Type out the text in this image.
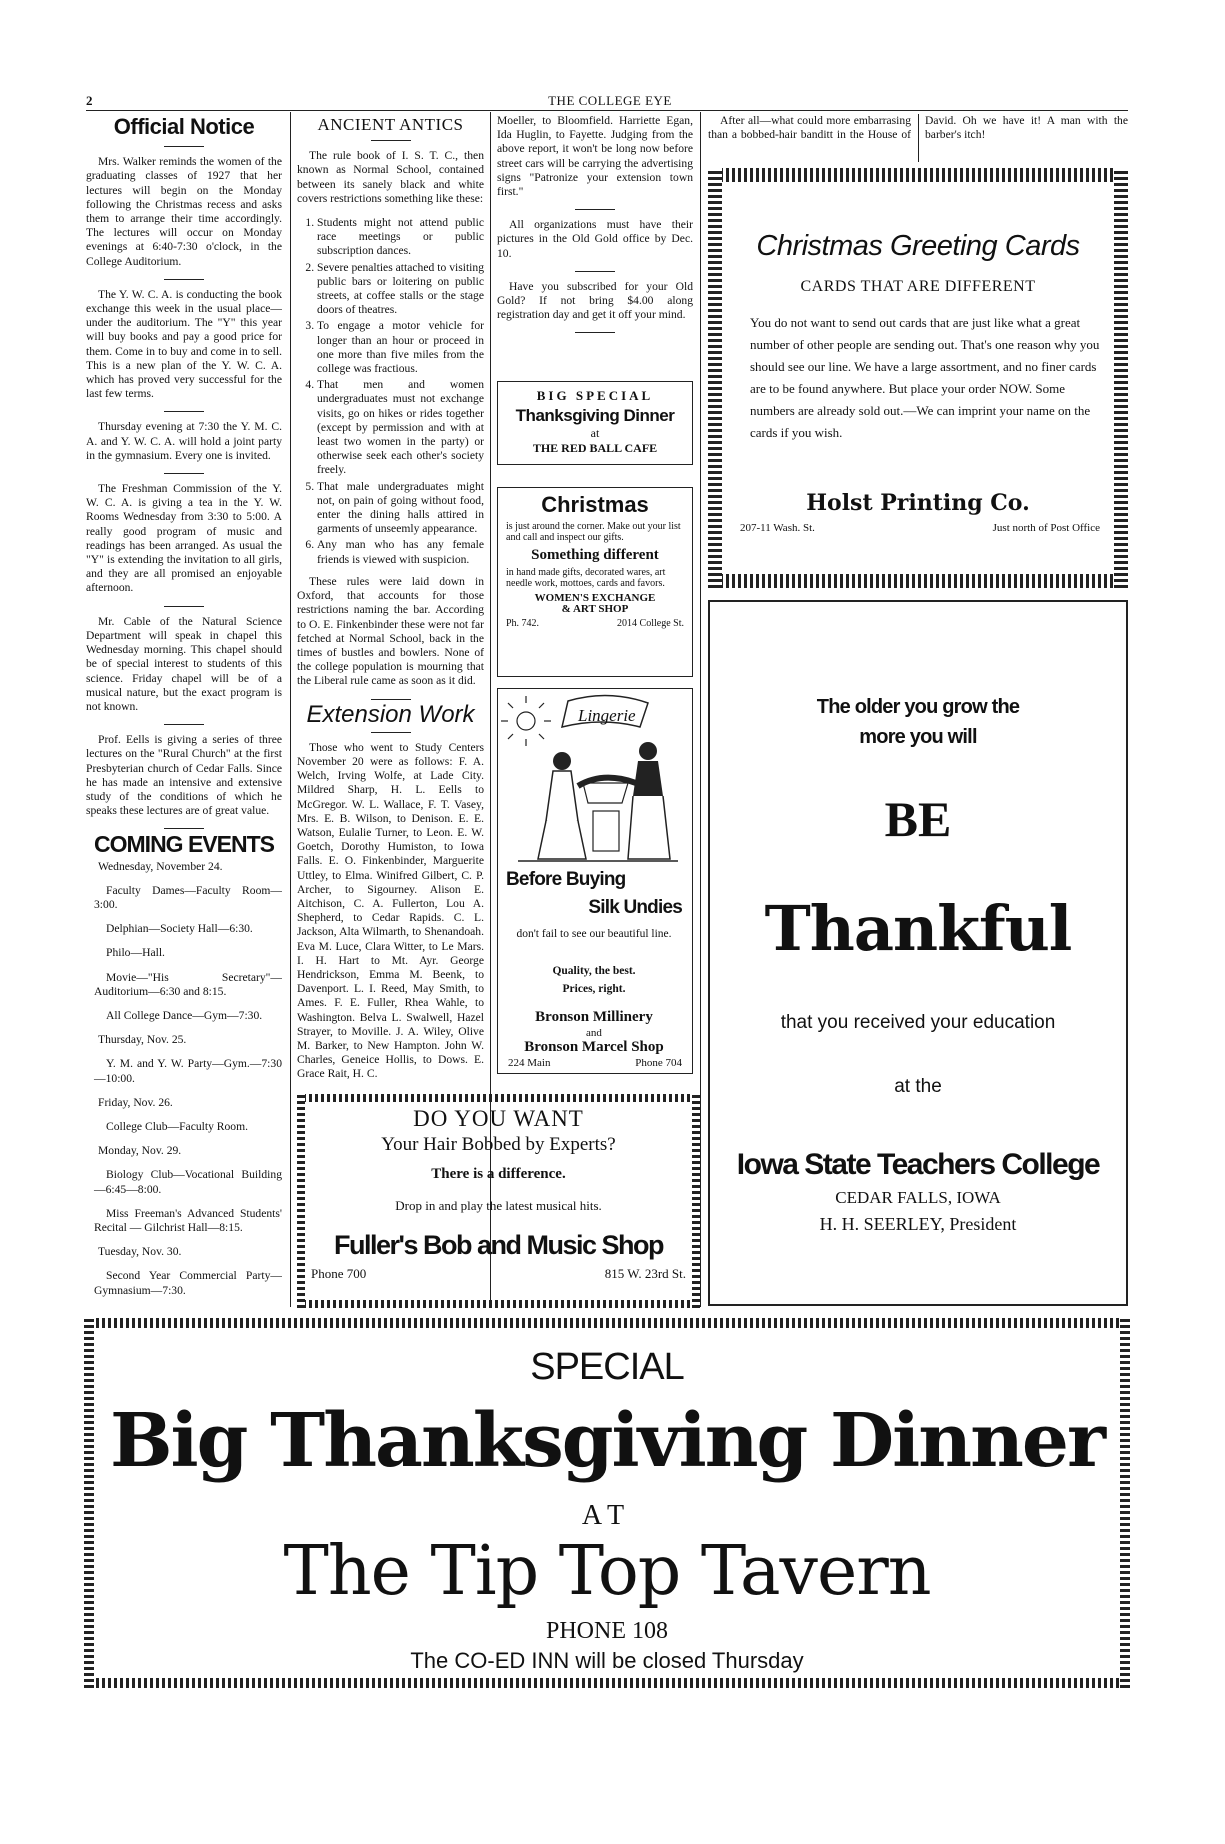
2	THE COLLEGE EYE
Official Notice

Mrs. Walker reminds the women of the graduating classes of 1927 that her lectures will begin on the Monday following the Christmas recess and asks them to arrange their time accordingly. The lectures will occur on Monday evenings at 6:40-7:30 o'clock, in the College Auditorium.

The Y. W. C. A. is conducting the book exchange this week in the usual place—under the auditorium. The "Y" this year will buy books and pay a good price for them. Come in to buy and come in to sell. This is a new plan of the Y. W. C. A. which has proved very successful for the last few terms.

Thursday evening at 7:30 the Y. M. C. A. and Y. W. C. A. will hold a joint party in the gymnasium. Every one is invited.

The Freshman Commission of the Y. W. C. A. is giving a tea in the Y. W. Rooms Wednesday from 3:30 to 5:00. A really good program of music and readings has been arranged. As usual the "Y" is extending the invitation to all girls, and they are all promised an enjoyable afternoon.

Mr. Cable of the Natural Science Department will speak in chapel this Wednesday morning. This chapel should be of special interest to students of this science. Friday chapel will be of a musical nature, but the exact program is not known.

Prof. Eells is giving a series of three lectures on the "Rural Church" at the first Presbyterian church of Cedar Falls. Since he has made an intensive and extensive study of the conditions of which he speaks these lectures are of great value.

COMING EVENTS

Wednesday, November 24.

Faculty Dames—Faculty Room—3:00.

Delphian—Society Hall—6:30.

Philo—Hall.

Movie—"His Secretary"—Auditorium—6:30 and 8:15.

All College Dance—Gym—7:30.

Thursday, Nov. 25.

Y. M. and Y. W. Party—Gym.—7:30—10:00.

Friday, Nov. 26.

College Club—Faculty Room.

Monday, Nov. 29.

Biology Club—Vocational Building—6:45—8:00.

Miss Freeman's Advanced Students' Recital — Gilchrist Hall—8:15.

Tuesday, Nov. 30.

Second Year Commercial Party—Gymnasium—7:30.

ANCIENT ANTICS

The rule book of I. S. T. C., then known as Normal School, contained between its sanely black and white covers restrictions something like these:

1. Students might not attend public race meetings or public subscription dances.
2. Severe penalties attached to visiting public bars or loitering on public streets, at coffee stalls or the stage doors of theatres.
3. To engage a motor vehicle for longer than an hour or proceed in one more than five miles from the college was fractious.
4. That men and women undergraduates must not exchange visits, go on hikes or rides together (except by permission and with at least two women in the party) or otherwise seek each other's society freely.
5. That male undergraduates might not, on pain of going without food, enter the dining halls attired in garments of unseemly appearance.
6. Any man who has any female friends is viewed with suspicion.

These rules were laid down in Oxford, that accounts for those restrictions naming the bar. According to O. E. Finkenbinder these were not far fetched at Normal School, back in the times of bustles and bowlers. None of the college population is mourning that the Liberal rule came as soon as it did.

Extension Work

Those who went to Study Centers November 20 were as follows: F. A. Welch, Irving Wolfe, at Lade City. Mildred Sharp, H. L. Eells to McGregor. W. L. Wallace, F. T. Vasey, Mrs. E. B. Wilson, to Denison. E. E. Watson, Eulalie Turner, to Leon. E. W. Goetch, Dorothy Humiston, to Iowa Falls. E. O. Finkenbinder, Marguerite Uttley, to Elma. Winifred Gilbert, C. P. Archer, to Sigourney. Alison E. Aitchison, C. A. Fullerton, Lou A. Shepherd, to Cedar Rapids. C. L. Jackson, Alta Wilmarth, to Shenandoah. Eva M. Luce, Clara Witter, to Le Mars. I. H. Hart to Mt. Ayr. George Hendrickson, Emma M. Beenk, to Davenport. L. I. Reed, May Smith, to Ames. F. E. Fuller, Rhea Wahle, to Washington. Belva L. Swalwell, Hazel Strayer, to Moville. J. A. Wiley, Olive M. Barker, to New Hampton. John W. Charles, Geneice Hollis, to Dows. E. Grace Rait, H. C.

Moeller, to Bloomfield. Harriette Egan, Ida Huglin, to Fayette. Judging from the above report, it won't be long now before street cars will be carrying the advertising signs "Patronize your extension town first."

All organizations must have their pictures in the Old Gold office by Dec. 10.

Have you subscribed for your Old Gold? If not bring $4.00 along registration day and get it off your mind.

BIG SPECIAL
Thanksgiving Dinner
at
THE RED BALL CAFE
Christmas
is just around the corner. Make out your list and call and inspect our gifts.
Something different
in hand made gifts, decorated wares, art needle work, mottoes, cards and favors.
WOMEN'S EXCHANGE
& ART SHOP
Ph. 742.	2014 College St.
Lingerie
Before Buying
Silk Undies
don't fail to see our beautiful line.
Quality, the best.
Prices, right.
Bronson Millinery
and
Bronson Marcel Shop
224 Main	Phone 704

After all—what could more embarrasing than a bobbed-hair banditt in the House of David. Oh we have it! A man with the barber's itch!

Christmas Greeting Cards
CARDS THAT ARE DIFFERENT
You do not want to send out cards that are just like what a great number of other people are sending out. That's one reason why you should see our line. We have a large assortment, and no finer cards are to be found anywhere. But place your order NOW. Some numbers are already sold out.—We can imprint your name on the cards if you wish.
Holst Printing Co.
207-11 Wash. St.	Just north of Post Office
The older you grow the
more you will
BE
Thankful
that you received your education
at the
Iowa State Teachers College
CEDAR FALLS, IOWA
H. H. SEERLEY, President
DO YOU WANT
Your Hair Bobbed by Experts?
There is a difference.
Drop in and play the latest musical hits.
Fuller's Bob and Music Shop
Phone 700	815 W. 23rd St.
SPECIAL
Big Thanksgiving Dinner
AT
The Tip Top Tavern
PHONE 108
The CO-ED INN will be closed Thursday
